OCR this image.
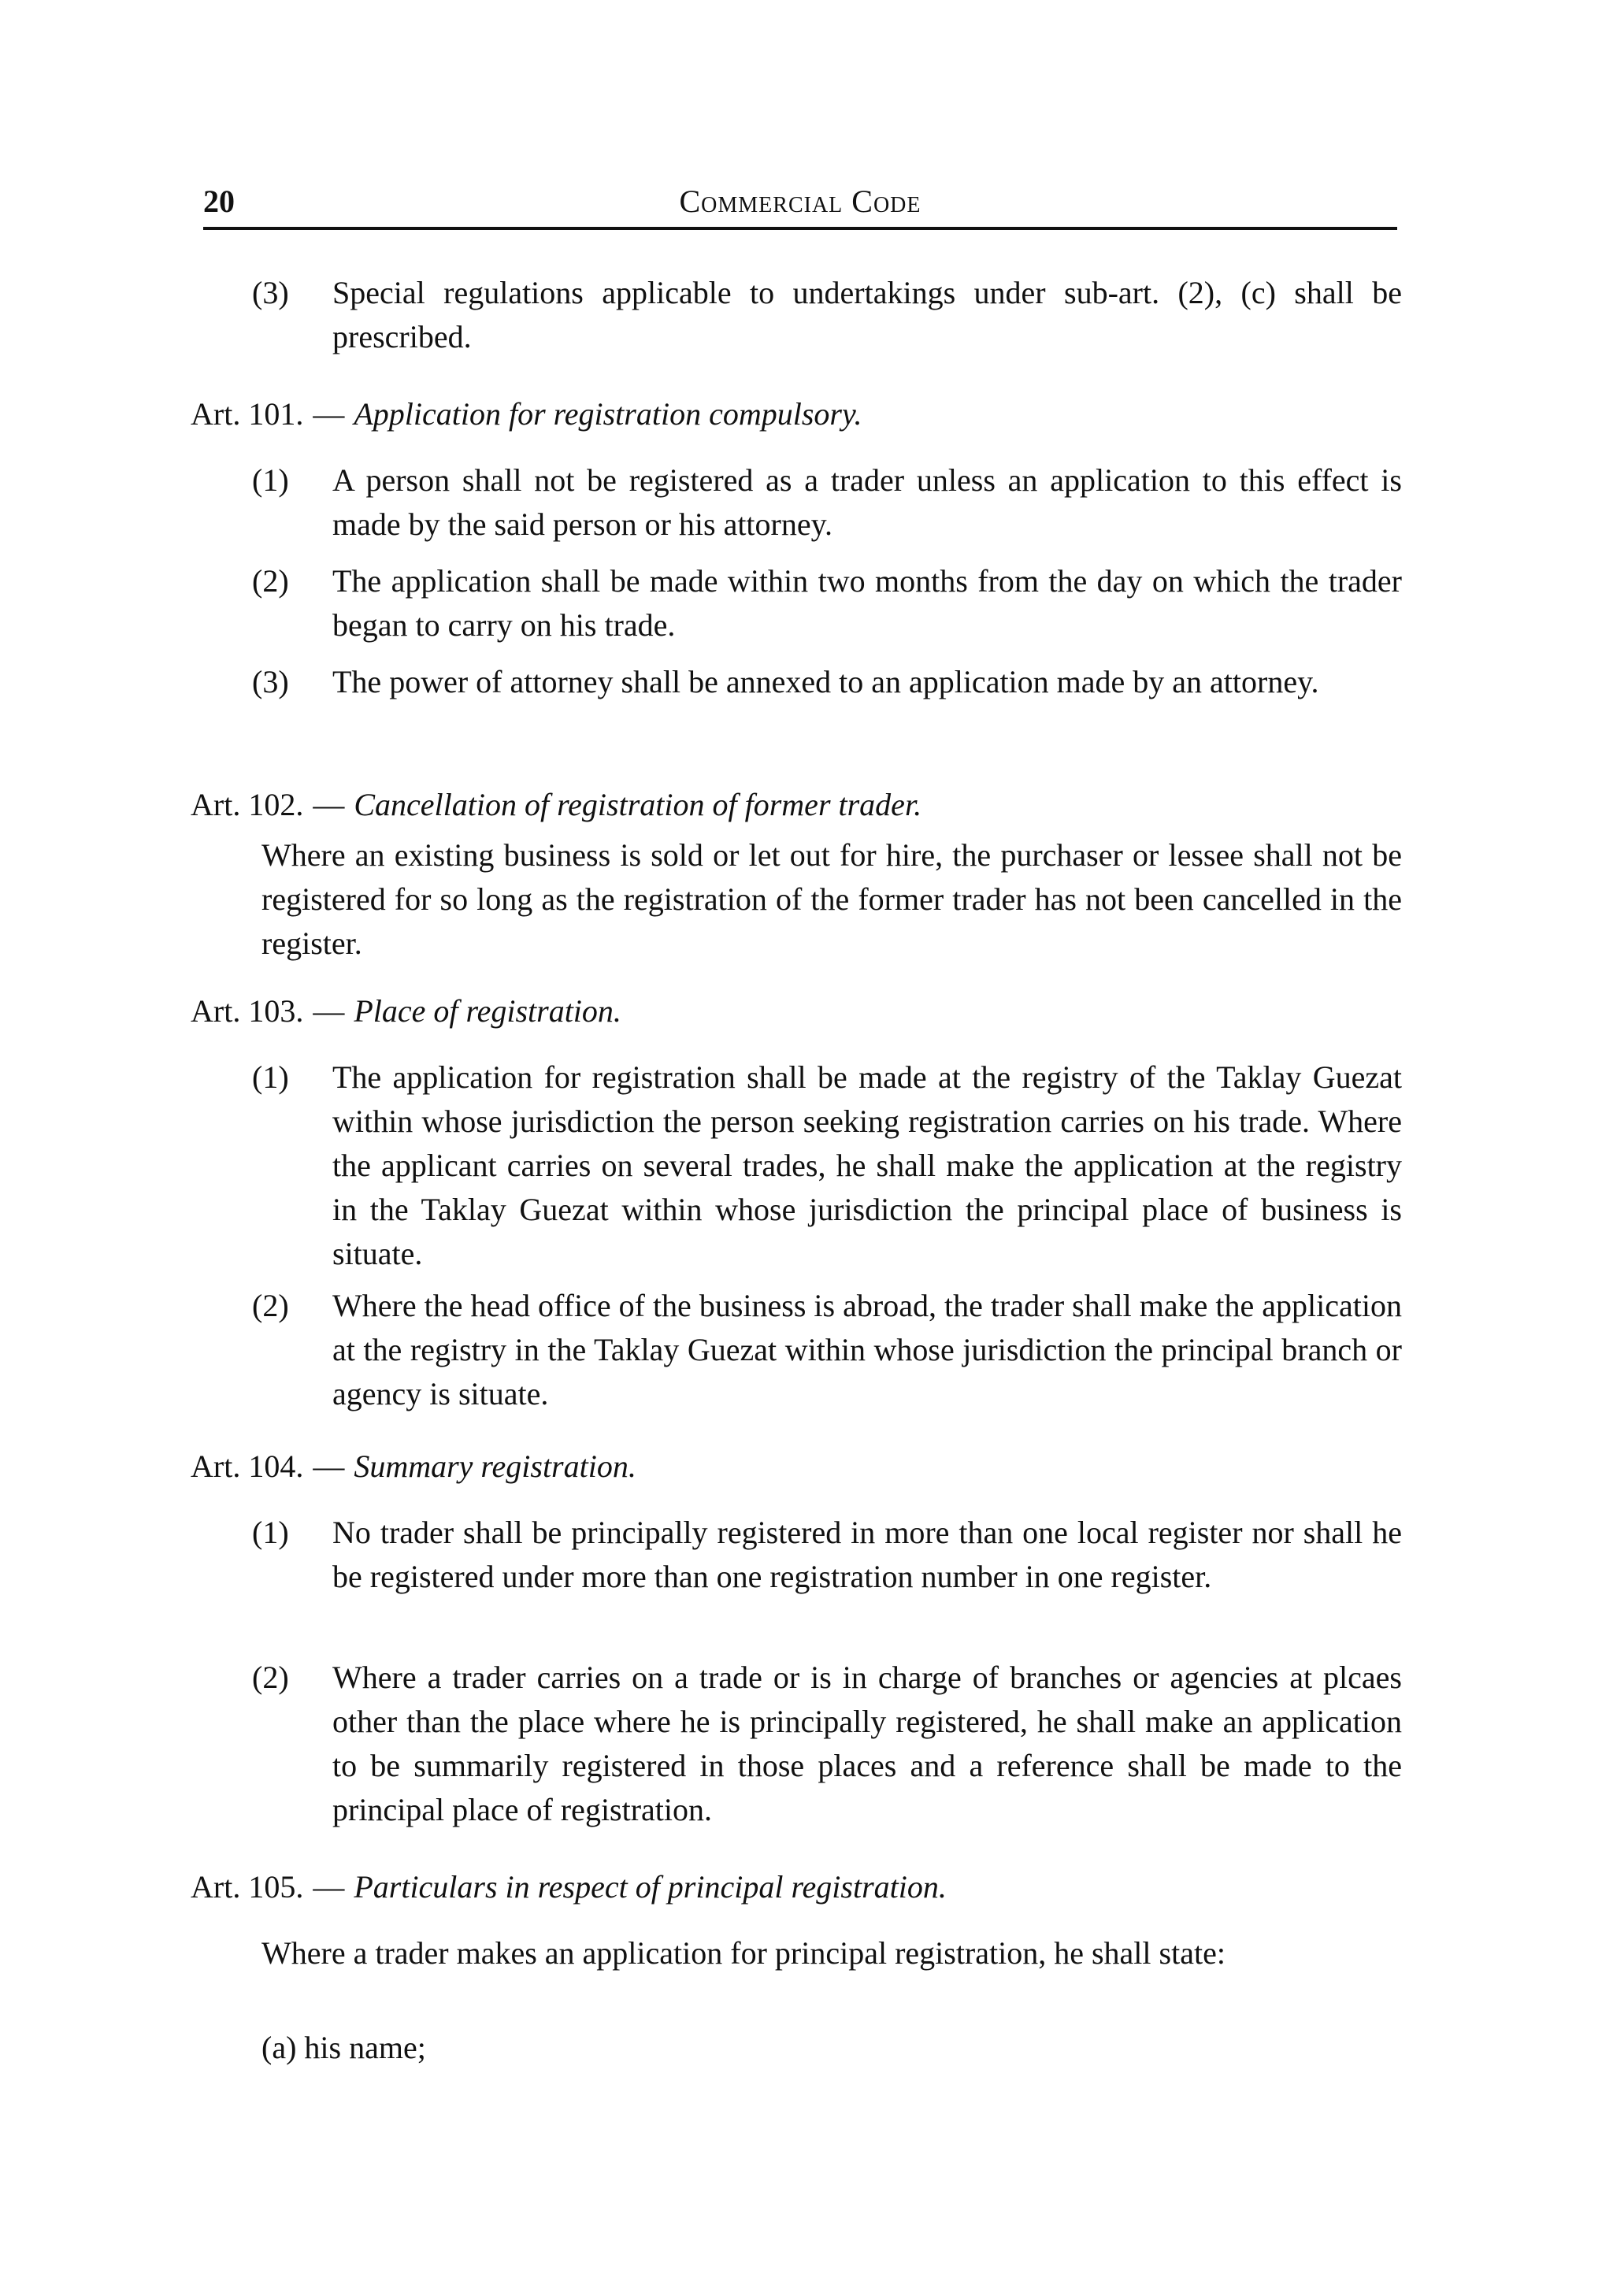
20	Commercial Code
(3) Special regulations applicable to undertakings under sub-art. (2), (c) shall be prescribed.
Art. 101. — Application for registration compulsory.
(1) A person shall not be registered as a trader unless an application to this effect is made by the said person or his attorney.
(2) The application shall be made within two months from the day on which the trader began to carry on his trade.
(3) The power of attorney shall be annexed to an application made by an attorney.
Art. 102. — Cancellation of registration of former trader.
Where an existing business is sold or let out for hire, the purchaser or lessee shall not be registered for so long as the registration of the former trader has not been cancelled in the register.
Art. 103. — Place of registration.
(1) The application for registration shall be made at the registry of the Taklay Guezat within whose jurisdiction the person seeking registration carries on his trade. Where the applicant carries on several trades, he shall make the application at the registry in the Taklay Guezat within whose jurisdiction the principal place of business is situate.
(2) Where the head office of the business is abroad, the trader shall make the application at the registry in the Taklay Guezat within whose jurisdiction the principal branch or agency is situate.
Art. 104. — Summary registration.
(1) No trader shall be principally registered in more than one local register nor shall he be registered under more than one registration number in one register.
(2) Where a trader carries on a trade or is in charge of branches or agencies at plcaes other than the place where he is principally registered, he shall make an application to be summarily registered in those places and a reference shall be made to the principal place of registration.
Art. 105. — Particulars in respect of principal registration.
Where a trader makes an application for principal registration, he shall state:
(a) his name;
